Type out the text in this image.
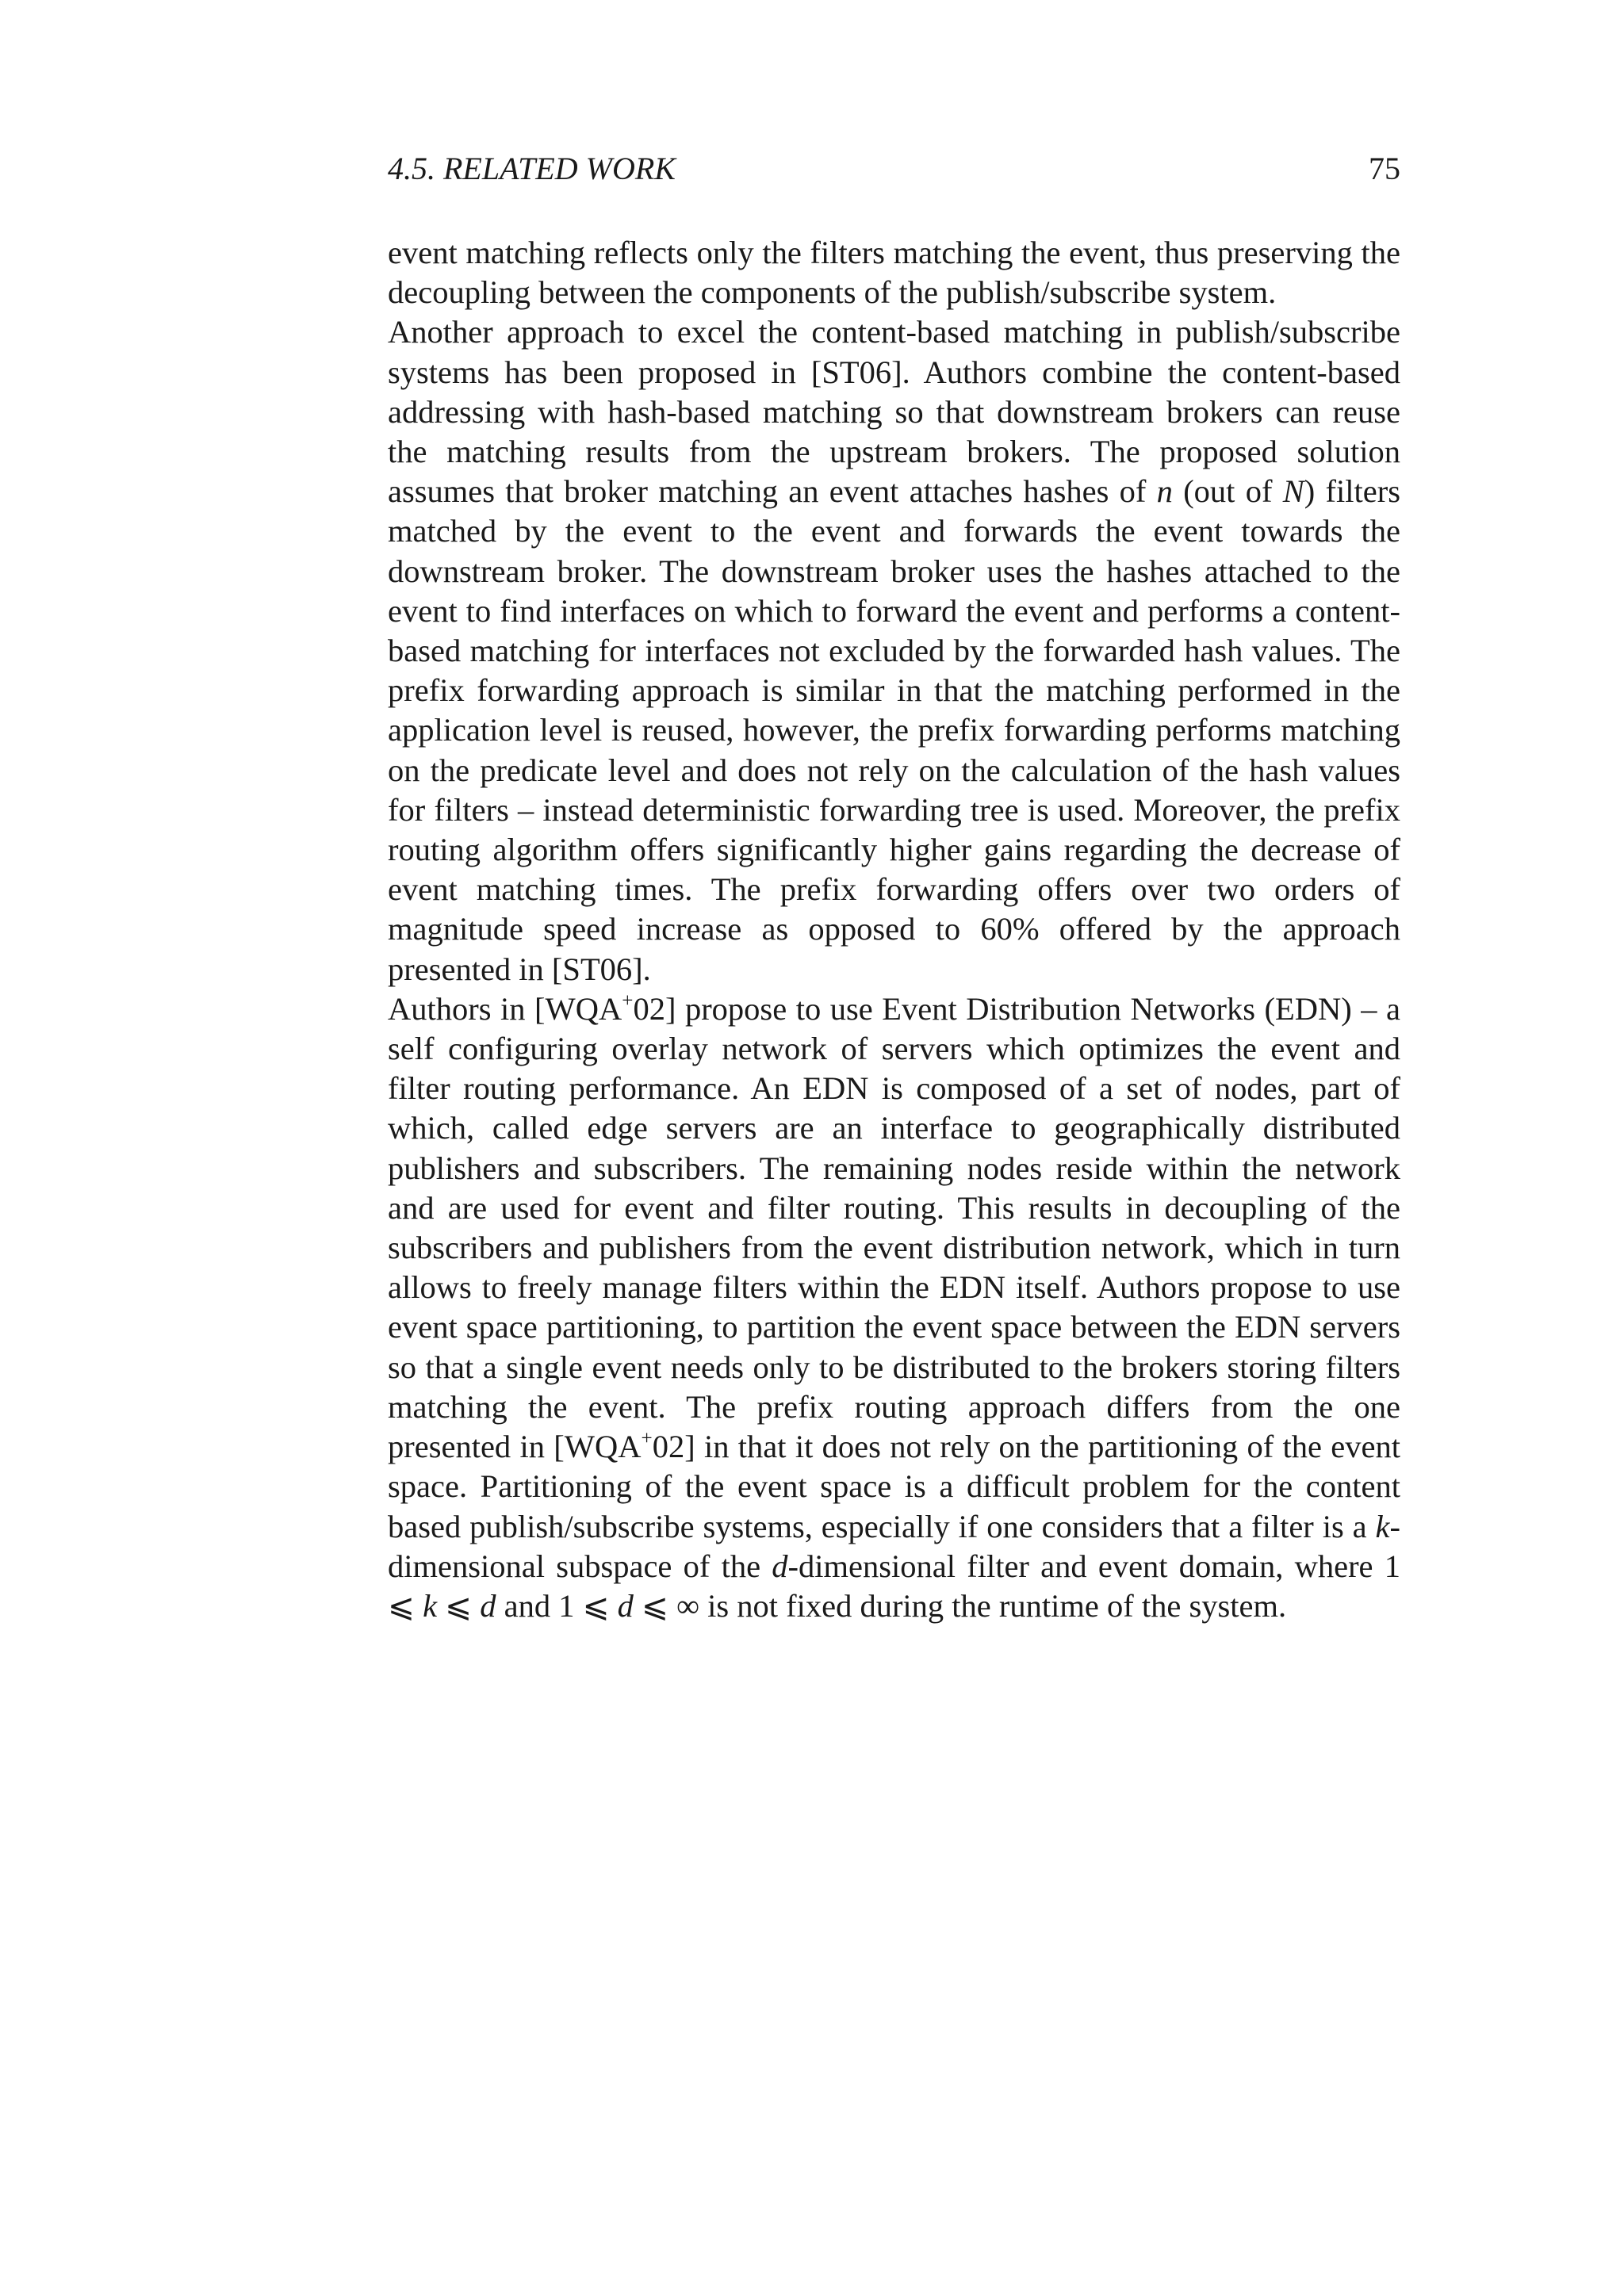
4.5. RELATED WORK	75

event matching reflects only the filters matching the event, thus preserving the decoupling between the components of the publish/subscribe system.

Another approach to excel the content-based matching in publish/subscribe systems has been proposed in [ST06]. Authors combine the content-based addressing with hash-based matching so that downstream brokers can reuse the matching results from the upstream brokers. The proposed solution assumes that broker matching an event attaches hashes of n (out of N) filters matched by the event to the event and forwards the event towards the downstream broker. The downstream broker uses the hashes attached to the event to find interfaces on which to forward the event and performs a content-based matching for interfaces not excluded by the forwarded hash values. The prefix forwarding approach is similar in that the matching performed in the application level is reused, however, the prefix forwarding performs matching on the predicate level and does not rely on the calculation of the hash values for filters – instead deterministic forwarding tree is used. Moreover, the prefix routing algorithm offers significantly higher gains regarding the decrease of event matching times. The prefix forwarding offers over two orders of magnitude speed increase as opposed to 60% offered by the approach presented in [ST06].

Authors in [WQA+02] propose to use Event Distribution Networks (EDN) – a self configuring overlay network of servers which optimizes the event and filter routing performance. An EDN is composed of a set of nodes, part of which, called edge servers are an interface to geographically distributed publishers and subscribers. The remaining nodes reside within the network and are used for event and filter routing. This results in decoupling of the subscribers and publishers from the event distribution network, which in turn allows to freely manage filters within the EDN itself. Authors propose to use event space partitioning, to partition the event space between the EDN servers so that a single event needs only to be distributed to the brokers storing filters matching the event. The prefix routing approach differs from the one presented in [WQA+02] in that it does not rely on the partitioning of the event space. Partitioning of the event space is a difficult problem for the content based publish/subscribe systems, especially if one considers that a filter is a k-dimensional subspace of the d-dimensional filter and event domain, where 1 ⩽ k ⩽ d and 1 ⩽ d ⩽ ∞ is not fixed during the runtime of the system.
